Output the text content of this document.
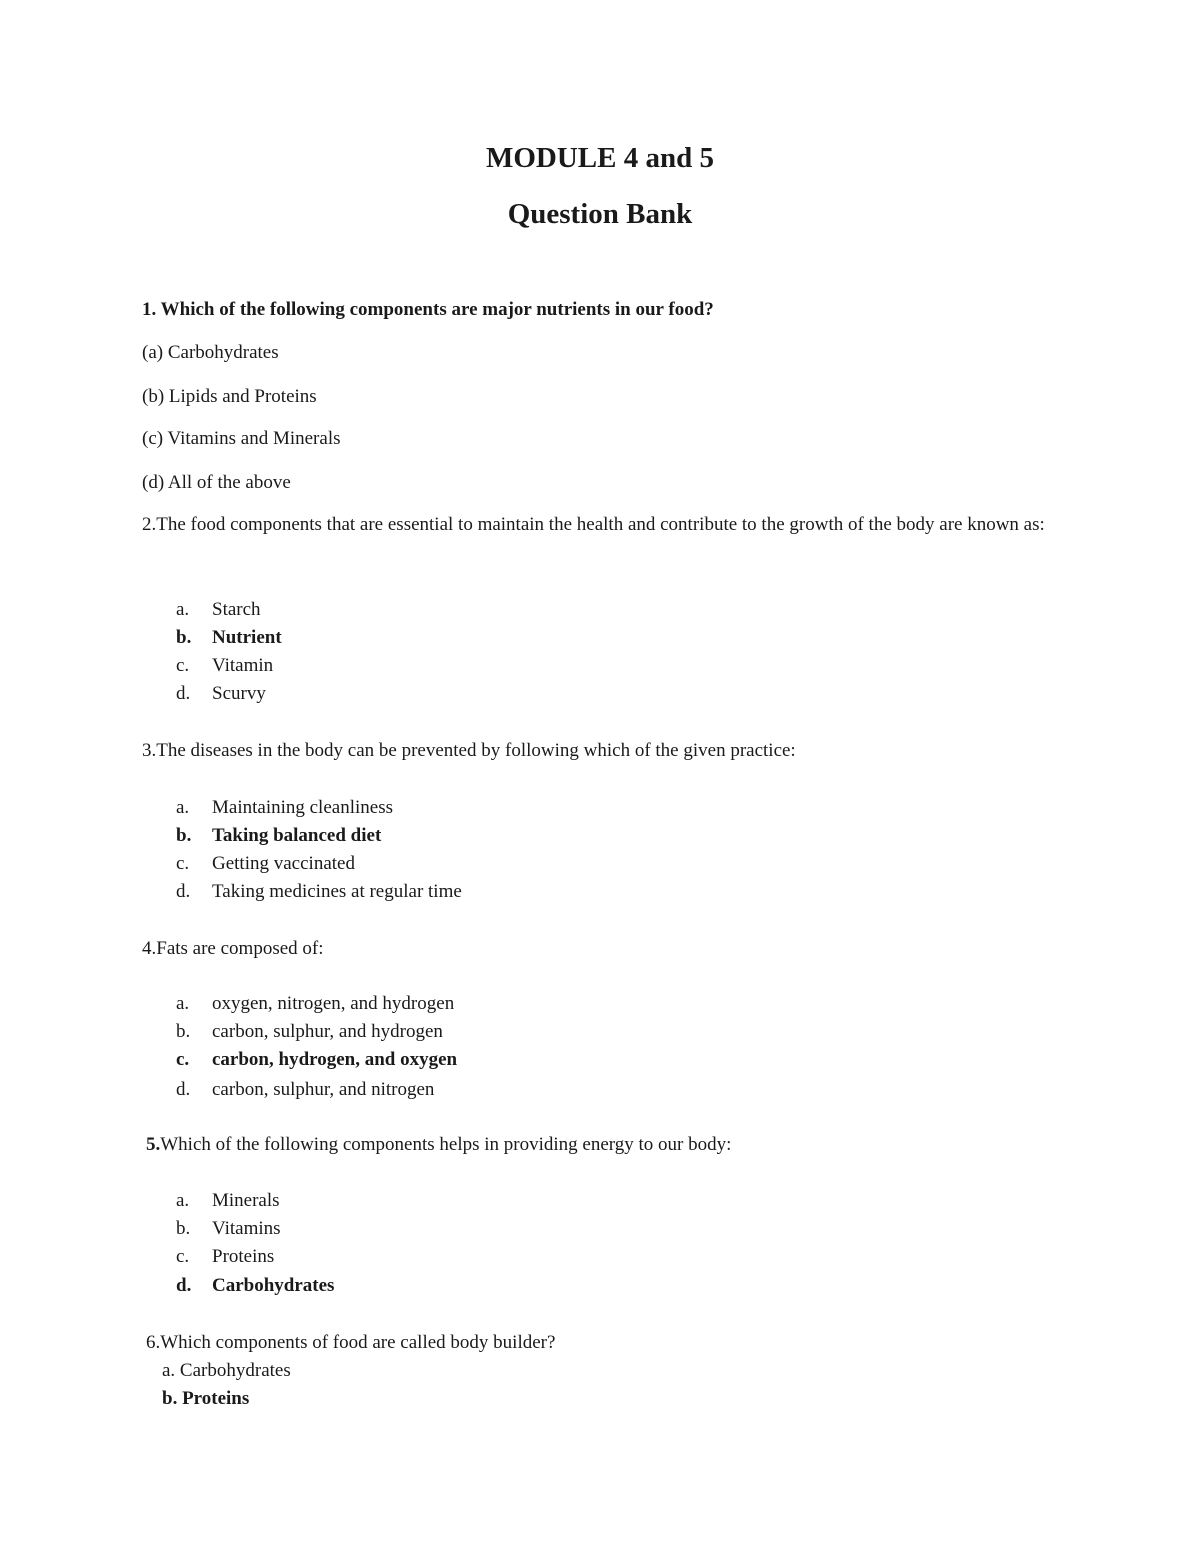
MODULE 4 and 5
Question Bank

1. Which of the following components are major nutrients in our food?

(a) Carbohydrates

(b) Lipids and Proteins

(c) Vitamins and Minerals

(d) All of the above

2.The food components that are essential to maintain the health and contribute to the growth of the body are known as:

a. Starch
b. Nutrient
c. Vitamin
d. Scurvy

3.The diseases in the body can be prevented by following which of the given practice:

a. Maintaining cleanliness
b. Taking balanced diet
c. Getting vaccinated
d. Taking medicines at regular time

4.Fats are composed of:

a. oxygen, nitrogen, and hydrogen
b. carbon, sulphur, and hydrogen
c. carbon, hydrogen, and oxygen
d. carbon, sulphur, and nitrogen

5.Which of the following components helps in providing energy to our body:

a. Minerals
b. Vitamins
c. Proteins
d. Carbohydrates

6.Which components of food are called body builder?

a. Carbohydrates

b. Proteins
